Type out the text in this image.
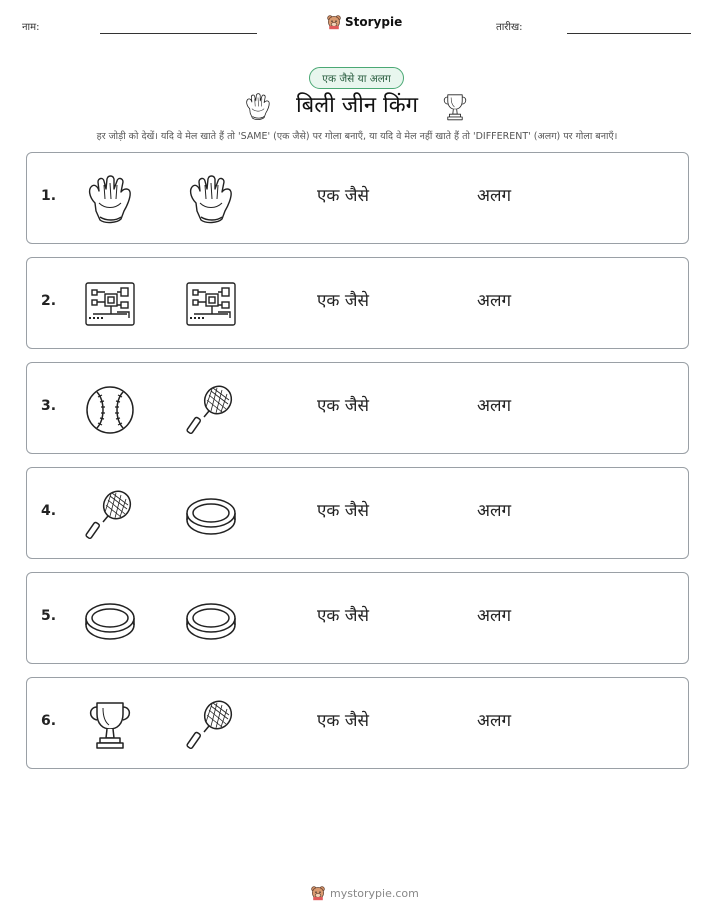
नाम:	Storypie	तारीख:
एक जैसे या अलग
बिली जीन किंग
हर जोड़ी को देखें। यदि वे मेल खाते हैं तो 'SAME' (एक जैसे) पर गोला बनाएँ, या यदि वे मेल नहीं खाते हैं तो 'DIFFERENT' (अलग) पर गोला बनाएँ।
1.	एक जैसे	अलग
2.	एक जैसे	अलग
3.	एक जैसे	अलग
4.	एक जैसे	अलग
5.	एक जैसे	अलग
6.	एक जैसे	अलग
mystorypie.com
